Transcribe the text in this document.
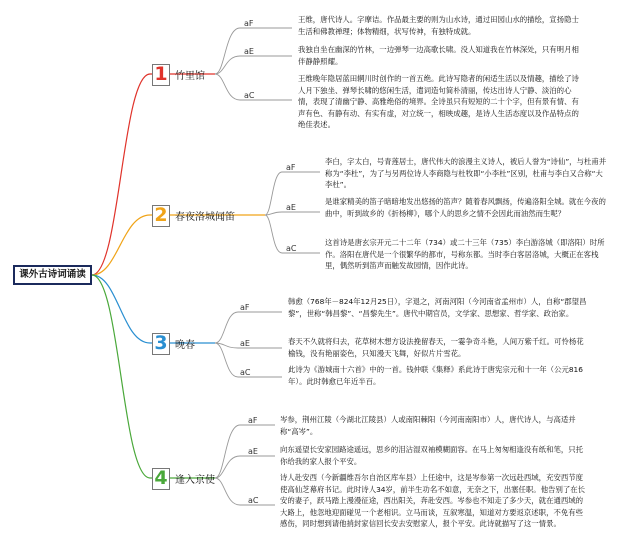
课外古诗词诵读
1 竹里馆
aF
aE
aC
王维，唐代诗人。字摩诘。作品最主要的则为山水诗，通过田园山水的描绘，宣扬隐士生活和佛教禅理；体物精细，状写传神，有独特成就。
我独自坐在幽深的竹林，一边弹琴一边高歌长啸。没人知道我在竹林深处，只有明月相伴静静照耀。
王维晚年隐居蓝田辋川时创作的一首五绝。此诗写隐者的闲适生活以及情趣，描绘了诗人月下独坐、弹琴长啸的悠闲生活，遣词造句简朴清丽，传达出诗人宁静、淡泊的心情，表现了清幽宁静、高雅绝俗的境界。全诗虽只有短短的二十个字，但有景有情、有声有色、有静有动、有实有虚，对立统一，相映成趣，是诗人生活态度以及作品特点的绝佳表述。
2 春夜洛城闻笛
aF
aE
aC
李白，字太白，号青莲居士，唐代伟大的浪漫主义诗人，被后人誉为“诗仙”，与杜甫并称为“李杜”，为了与另两位诗人李商隐与杜牧即“小李杜”区别，杜甫与李白又合称“大李杜”。
是谁家精美的笛子暗暗地发出悠扬的笛声？随着春风飘扬，传遍洛阳全城。就在今夜的曲中，听到故乡的《折杨柳》，哪个人的思乡之情不会因此而油然而生呢？
这首诗是唐玄宗开元二十二年（734）或二十三年（735）李白游洛城（即洛阳）时所作。洛阳在唐代是一个很繁华的都市，号称东都。当时李白客居洛城，大概正在客栈里，偶然听到笛声而触发故园情，因作此诗。
3 晚春
aF
aE
aC
韩愈（768年－824年12月25日），字退之，河南河阳（今河南省孟州市）人，自称“郡望昌黎”，世称“韩昌黎”、“昌黎先生”。唐代中期官员，文学家、思想家、哲学家、政治家。
春天不久就将归去，花草树木想方设法挽留春天，一霎争奇斗艳，人间万紫千红。可怜杨花榆钱，没有艳丽姿色，只知漫天飞舞，好似片片雪花。
此诗为《游城南十六首》中的一首。钱仲联《集释》系此诗于唐宪宗元和十一年（公元816年）。此时韩愈已年近半百。
4 逢入京使
aF
aE
aC
岑参，荆州江陵（今湖北江陵县）人或南阳棘阳（今河南南阳市）人，唐代诗人，与高适并称“高岑”。
向东遥望长安家园路途遥远，思乡的泪沾湿双袖模糊面容。在马上匆匆相逢没有纸和笔，只托你给我的家人报个平安。
诗人赴安西（今新疆维吾尔自治区库车县）上任途中，这是岑参第一次远赴西域，充安西节度使高仙芝幕府书记。此时诗人34岁，前半生功名不如意，无奈之下，出塞任职。他告别了在长安的妻子，跃马踏上漫漫征途，西出阳关，奔赴安西。岑参也不知走了多少天，就在通西域的大路上，他忽地迎面碰见一个老相识。立马而谈，互叙寒温，知道对方要返京述职，不免有些感伤，同时想到请他捎封家信回长安去安慰家人，报个平安。此诗就描写了这一情景。
